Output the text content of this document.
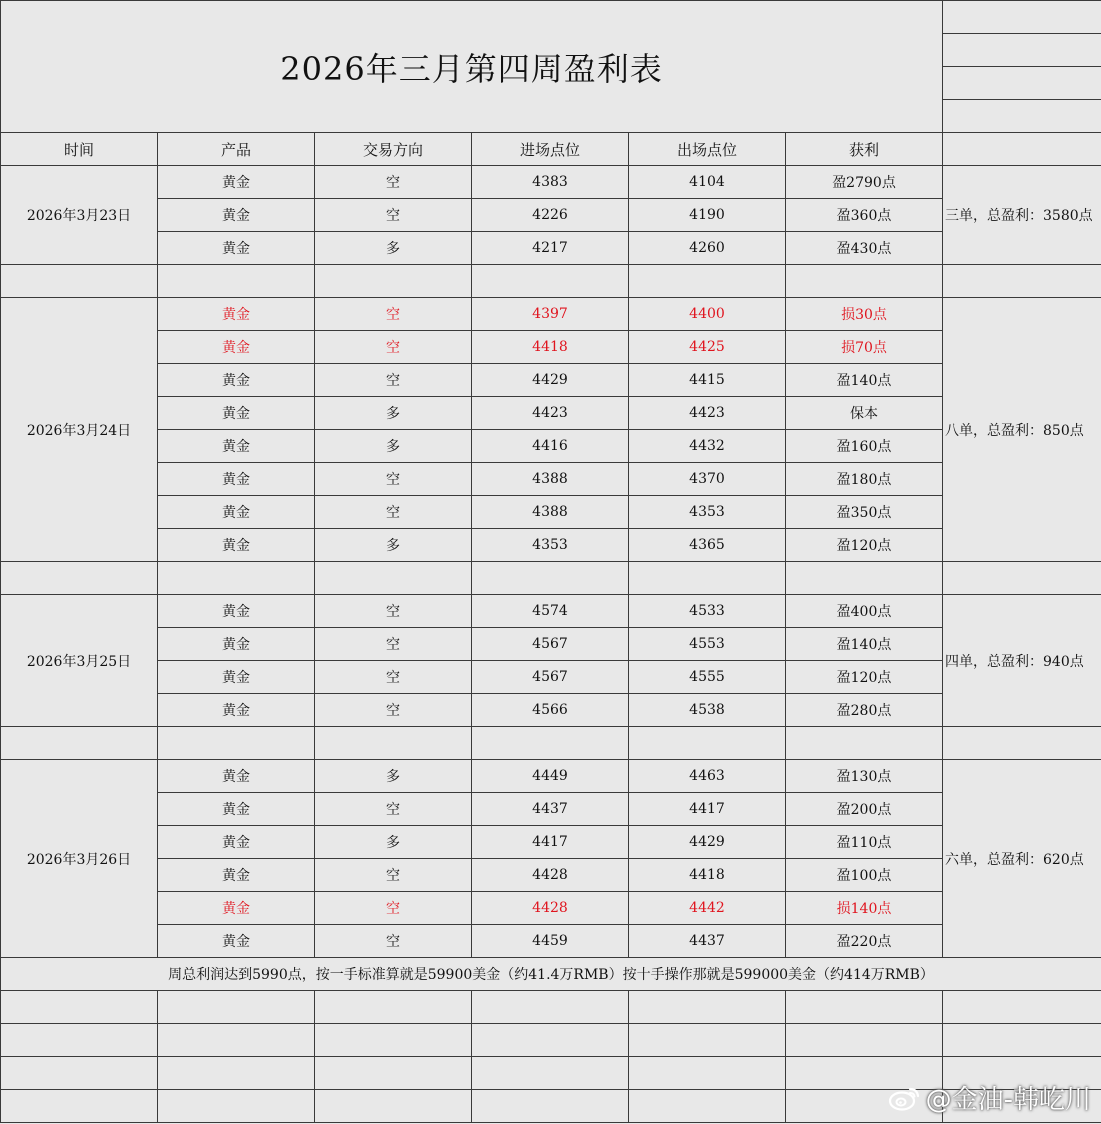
2026年三月第四周盈利表						

时间	产品	交易方向	进场点位	出场点位	获利	
2026年3月23日	黄金	空	4383	4104	盈2790点	三单，总盈利：3580点
	黄金	空	4226	4190	盈360点	
	黄金	多	4217	4260	盈430点	

2026年3月24日	黄金	空	4397	4400	损30点	八单，总盈利：850点
	黄金	空	4418	4425	损70点	
	黄金	空	4429	4415	盈140点	
	黄金	多	4423	4423	保本	
	黄金	多	4416	4432	盈160点	
	黄金	空	4388	4370	盈180点	
	黄金	空	4388	4353	盈350点	
	黄金	多	4353	4365	盈120点	

2026年3月25日	黄金	空	4574	4533	盈400点	四单，总盈利：940点
	黄金	空	4567	4553	盈140点	
	黄金	空	4567	4555	盈120点	
	黄金	空	4566	4538	盈280点	

2026年3月26日	黄金	多	4449	4463	盈130点	六单，总盈利：620点
	黄金	空	4437	4417	盈200点	
	黄金	多	4417	4429	盈110点	
	黄金	空	4428	4418	盈100点	
	黄金	空	4428	4442	损140点	
	黄金	空	4459	4437	盈220点	
周总利润达到5990点，按一手标准算就是59900美金（约41.4万RMB）按十手操作那就是599000美金（约414万RMB）						

@金油-韩屹川
